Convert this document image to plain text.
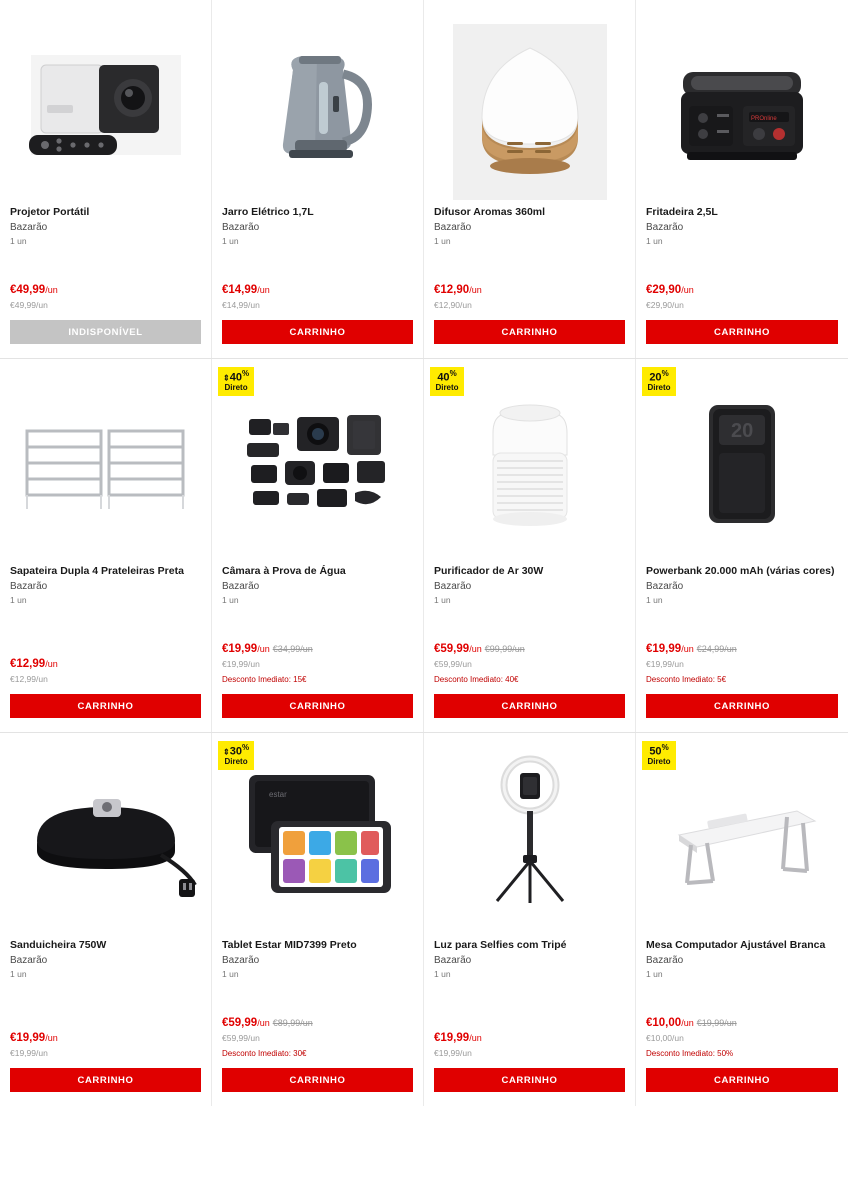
Projetor Portátil
Bazarão
1 un
€49,99/un
€49,99/un
INDISPONÍVEL
Jarro Elétrico 1,7L
Bazarão
1 un
€14,99/un
€14,99/un
CARRINHO
Difusor Aromas 360ml
Bazarão
1 un
€12,90/un
€12,90/un
CARRINHO
PROnline
Fritadeira 2,5L
Bazarão
1 un
€29,90/un
€29,90/un
CARRINHO
Sapateira Dupla 4 Prateleiras Preta
Bazarão
1 un
€12,99/un
€12,99/un
CARRINHO
⇕40%
Direto
Câmara à Prova de Água
Bazarão
1 un
€19,99/un €34,99/un
€19,99/un
Desconto Imediato: 15€
CARRINHO
40%
Direto
Purificador de Ar 30W
Bazarão
1 un
€59,99/un €99,99/un
€59,99/un
Desconto Imediato: 40€
CARRINHO
20%
Direto
20
Powerbank 20.000 mAh (várias cores)
Bazarão
1 un
€19,99/un €24,99/un
€19,99/un
Desconto Imediato: 5€
CARRINHO
Sanduicheira 750W
Bazarão
1 un
€19,99/un
€19,99/un
CARRINHO
⇕30%
Direto
estar
Tablet Estar MID7399 Preto
Bazarão
1 un
€59,99/un €89,99/un
€59,99/un
Desconto Imediato: 30€
CARRINHO
Luz para Selfies com Tripé
Bazarão
1 un
€19,99/un
€19,99/un
CARRINHO
50%
Direto
Mesa Computador Ajustável Branca
Bazarão
1 un
€10,00/un €19,99/un
€10,00/un
Desconto Imediato: 50%
CARRINHO
